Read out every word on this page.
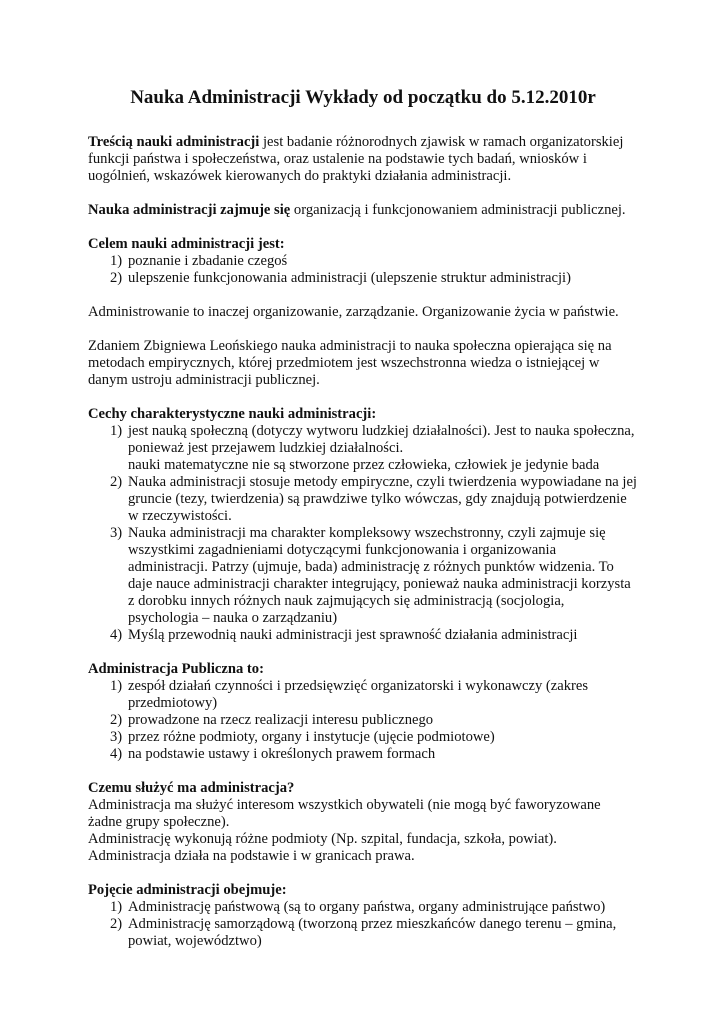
Nauka Administracji Wykłady od początku do 5.12.2010r

Treścią nauki administracji jest badanie różnorodnych zjawisk w ramach organizatorskiej funkcji państwa i społeczeństwa, oraz ustalenie na podstawie tych badań, wniosków i uogólnień, wskazówek kierowanych do praktyki działania administracji.

Nauka administracji zajmuje się organizacją i funkcjonowaniem administracji publicznej.

Celem nauki administracji jest:

1) poznanie i zbadanie czegoś
2) ulepszenie funkcjonowania administracji (ulepszenie struktur administracji)

Administrowanie to inaczej organizowanie, zarządzanie. Organizowanie życia w państwie.

Zdaniem Zbigniewa Leońskiego nauka administracji to nauka społeczna opierająca się na metodach empirycznych, której przedmiotem jest wszechstronna wiedza o istniejącej w danym ustroju administracji publicznej.

Cechy charakterystyczne nauki administracji:

1) jest nauką społeczną (dotyczy wytworu ludzkiej działalności). Jest to nauka społeczna, ponieważ jest przejawem ludzkiej działalności.
nauki matematyczne nie są stworzone przez człowieka, człowiek je jedynie bada
2) Nauka administracji stosuje metody empiryczne, czyli twierdzenia wypowiadane na jej gruncie (tezy, twierdzenia) są prawdziwe tylko wówczas, gdy znajdują potwierdzenie w rzeczywistości.
3) Nauka administracji ma charakter kompleksowy wszechstronny, czyli zajmuje się wszystkimi zagadnieniami dotyczącymi funkcjonowania i organizowania administracji. Patrzy (ujmuje, bada) administrację z różnych punktów widzenia. To daje nauce administracji charakter integrujący, ponieważ nauka administracji korzysta z dorobku innych różnych nauk zajmujących się administracją (socjologia, psychologia – nauka o zarządzaniu)
4) Myślą przewodnią nauki administracji jest sprawność działania administracji

Administracja Publiczna to:

1) zespół działań czynności i przedsięwzięć organizatorski i wykonawczy (zakres przedmiotowy)
2) prowadzone na rzecz realizacji interesu publicznego
3) przez różne podmioty, organy i instytucje (ujęcie podmiotowe)
4) na podstawie ustawy i określonych prawem formach

Czemu służyć ma administracja?

Administracja ma służyć interesom wszystkich obywateli (nie mogą być faworyzowane żadne grupy społeczne).

Administrację wykonują różne podmioty (Np. szpital, fundacja, szkoła, powiat).

Administracja działa na podstawie i w granicach prawa.

Pojęcie administracji obejmuje:

1) Administrację państwową (są to organy państwa, organy administrujące państwo)
2) Administrację samorządową (tworzoną przez mieszkańców danego terenu – gmina, powiat, województwo)
